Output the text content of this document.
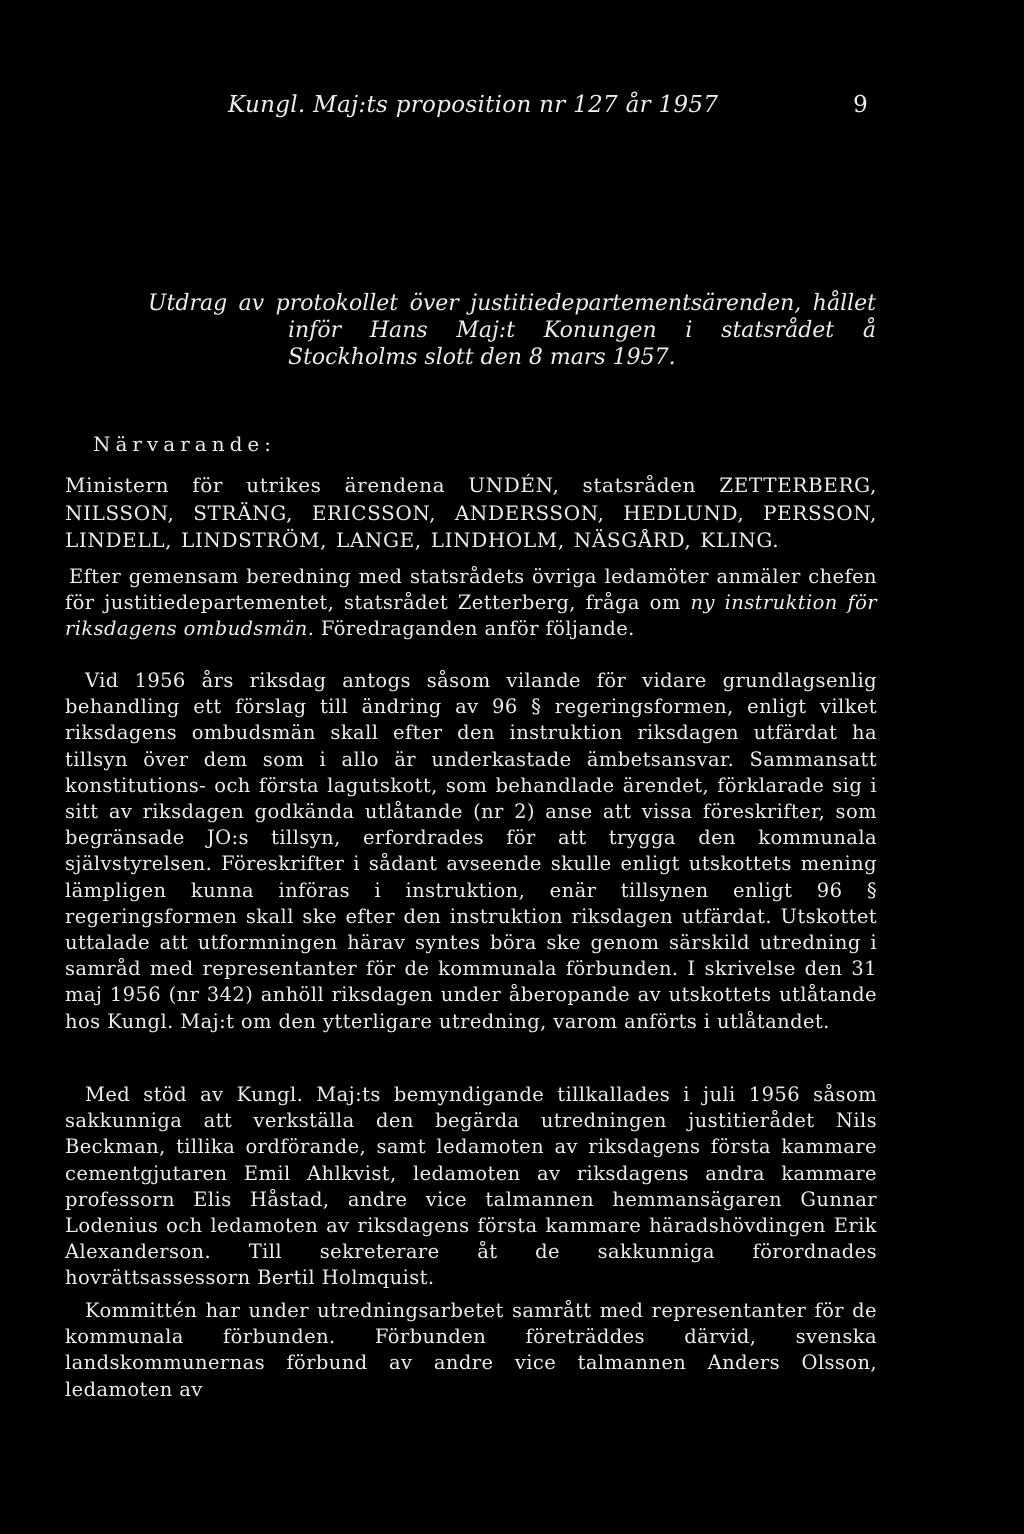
Kungl. Maj:ts proposition nr 127 år 1957	9
Utdrag av protokollet över justitiedepartementsärenden, hållet inför Hans Maj:t Konungen i statsrådet å Stockholms slott den 8 mars 1957.
Närvarande:
Ministern för utrikes ärendena UNDÉN, statsråden ZETTERBERG, NILSSON, STRÄNG, ERICSSON, ANDERSSON, HEDLUND, PERSSON, LINDELL, LINDSTRÖM, LANGE, LINDHOLM, NÄSGÅRD, KLING.

Efter gemensam beredning med statsrådets övriga ledamöter anmäler chefen för justitiedepartementet, statsrådet Zetterberg, fråga om ny instruktion för riksdagens ombudsmän. Föredraganden anför följande.

Vid 1956 års riksdag antogs såsom vilande för vidare grundlagsenlig behandling ett förslag till ändring av 96 § regeringsformen, enligt vilket riksdagens ombudsmän skall efter den instruktion riksdagen utfärdat ha tillsyn över dem som i allo är underkastade ämbetsansvar. Sammansatt konstitutions- och första lagutskott, som behandlade ärendet, förklarade sig i sitt av riksdagen godkända utlåtande (nr 2) anse att vissa föreskrifter, som begränsade JO:s tillsyn, erfordrades för att trygga den kommunala självstyrelsen. Föreskrifter i sådant avseende skulle enligt utskottets mening lämpligen kunna införas i instruktion, enär tillsynen enligt 96 § regeringsformen skall ske efter den instruktion riksdagen utfärdat. Utskottet uttalade att utformningen härav syntes böra ske genom särskild utredning i samråd med representanter för de kommunala förbunden. I skrivelse den 31 maj 1956 (nr 342) anhöll riksdagen under åberopande av utskottets utlåtande hos Kungl. Maj:t om den ytterligare utredning, varom anförts i utlåtandet.

Med stöd av Kungl. Maj:ts bemyndigande tillkallades i juli 1956 såsom sakkunniga att verkställa den begärda utredningen justitierådet Nils Beckman, tillika ordförande, samt ledamoten av riksdagens första kammare cementgjutaren Emil Ahlkvist, ledamoten av riksdagens andra kammare professorn Elis Håstad, andre vice talmannen hemmansägaren Gunnar Lodenius och ledamoten av riksdagens första kammare häradshövdingen Erik Alexanderson. Till sekreterare åt de sakkunniga förordnades hovrättsassessorn Bertil Holmquist.

Kommittén har under utredningsarbetet samrått med representanter för de kommunala förbunden. Förbunden företräddes därvid, svenska landskommunernas förbund av andre vice talmannen Anders Olsson, ledamoten av
